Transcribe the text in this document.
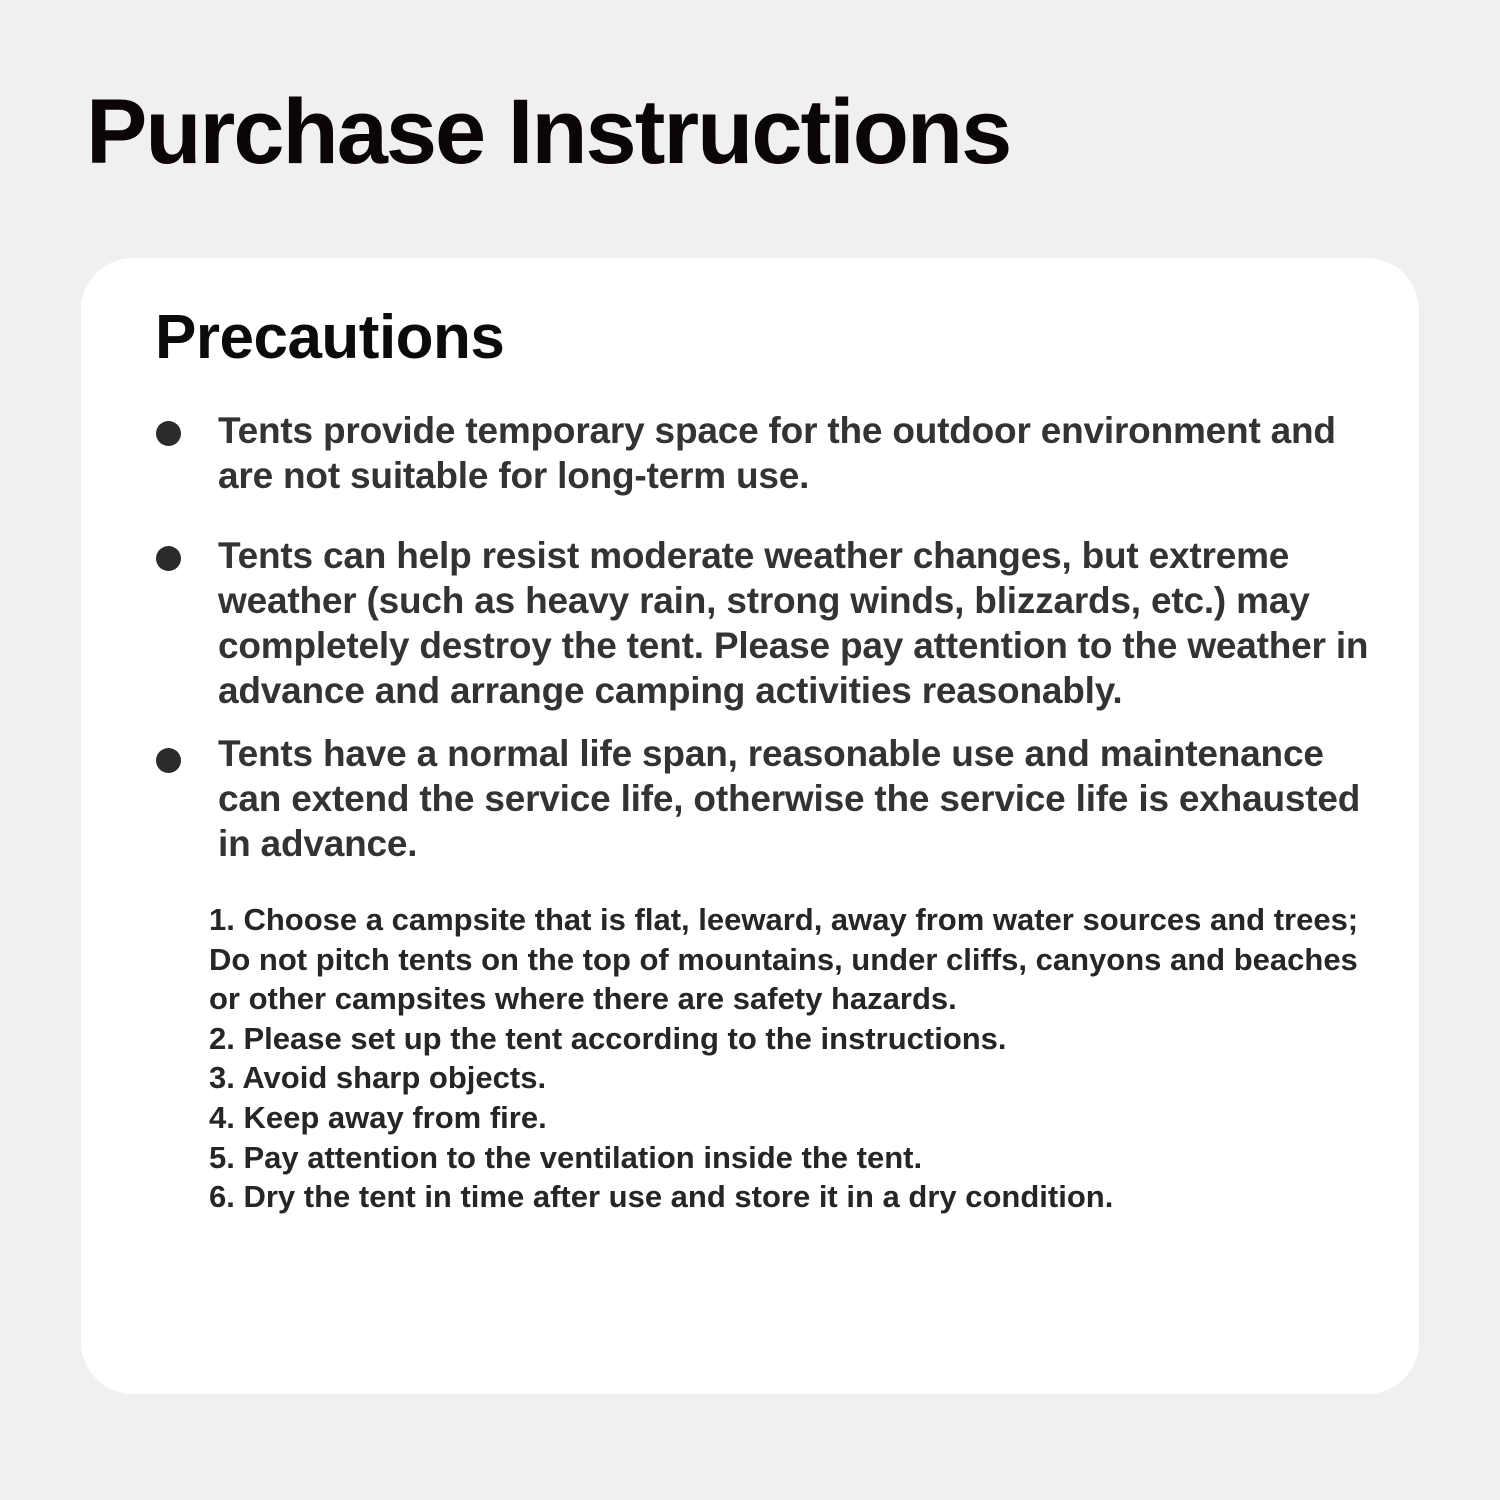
Purchase Instructions
Precautions

Tents provide temporary space for the outdoor environment and are not suitable for long-term use.

Tents can help resist moderate weather changes, but extreme weather (such as heavy rain, strong winds, blizzards, etc.) may completely destroy the tent. Please pay attention to the weather in advance and arrange camping activities reasonably.

Tents have a normal life span, reasonable use and maintenance can extend the service life, otherwise the service life is exhausted in advance.

1. Choose a campsite that is flat, leeward, away from water sources and trees; Do not pitch tents on the top of mountains, under cliffs, canyons and beaches or other campsites where there are safety hazards.
2. Please set up the tent according to the instructions.
3. Avoid sharp objects.
4. Keep away from fire.
5. Pay attention to the ventilation inside the tent.
6. Dry the tent in time after use and store it in a dry condition.
